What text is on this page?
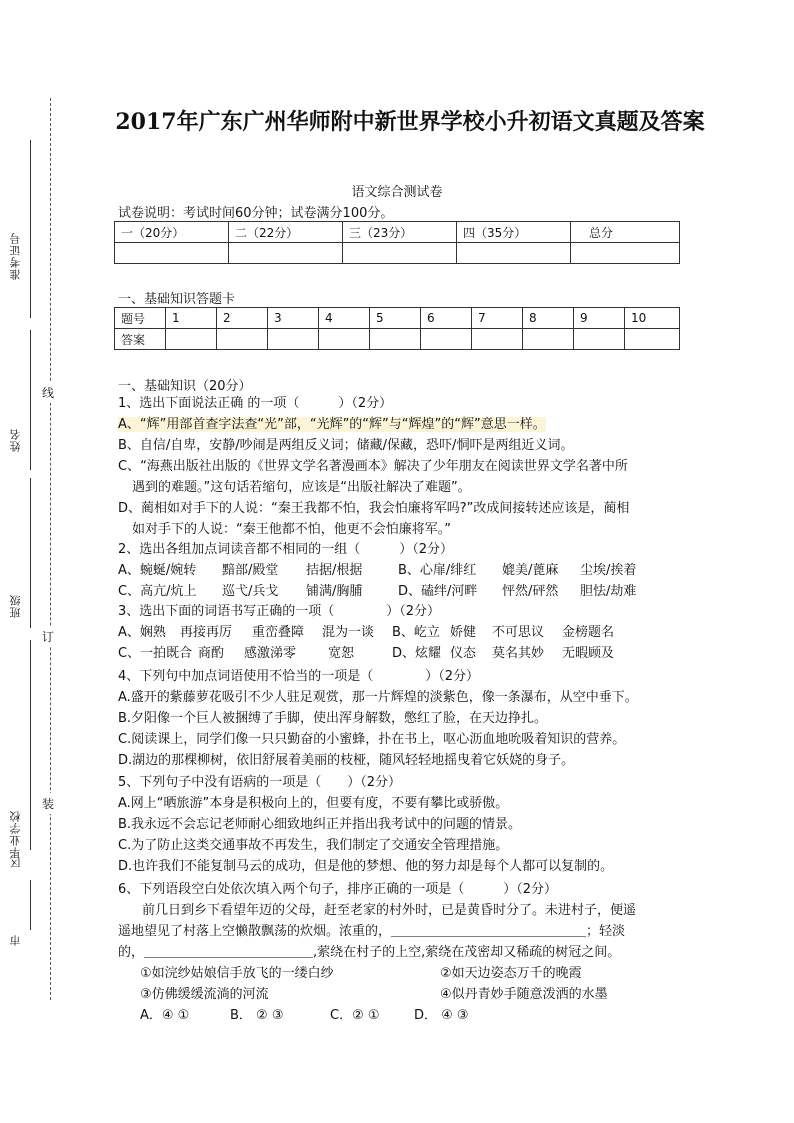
准考证号
姓名
班级
毕业学校
区
市
线
订
装
2017年广东广州华师附中新世界学校小升初语文真题及答案
语文综合测试卷
试卷说明：考试时间60分钟；试卷满分100分。
一（20分）	二（22分）	三（23分）	四（35分）	总分

一、基础知识答题卡
题号	1	2	3	4	5	6	7	8	9	10
答案										
一、基础知识（20分）
1、选出下面说法正确 的一项（　　　）（2分）
A、“辉”用部首查字法查“光”部，“光辉”的“辉”与“辉煌”的“辉”意思一样。
B、自信/自卑，安静/吵闹是两组反义词；储藏/保藏，恐吓/恫吓是两组近义词。
C、“海燕出版社出版的《世界文学名著漫画本》解决了少年朋友在阅读世界文学名著中所
遇到的难题。”这句话若缩句，应该是“出版社解决了难题”。
D、蔺相如对手下的人说：“秦王我都不怕，我会怕廉将军吗?”改成间接转述应该是，蔺相
如对手下的人说：“秦王他都不怕，他更不会怕廉将军。”
2、选出各组加点词读音都不相同的一组（　　　）（2分）
A、蜿蜒/婉转 黯部/殿堂 拮据/根据	B、心扉/绯红 媲美/蓖麻 尘埃/挨着
C、高亢/炕上 巡弋/兵戈 铺满/胸脯	D、磕绊/河畔 怦然/砰然 胆怯/劫难
3、选出下面的词语书写正确的一项（　　　　）（2分）
A、娴熟 再接再厉 重峦叠障 混为一谈 B、屹立 娇健 不可思议 金榜题名
C、一拍既合 商酌 感激涕零 宽恕	D、炫耀 仪态 莫名其妙 无暇顾及
4、下列句中加点词语使用不恰当的一项是（　　　　）（2分）
A.盛开的紫藤萝花吸引不少人驻足观赏，那一片辉煌的淡紫色，像一条瀑布，从空中垂下。
B.夕阳像一个巨人被捆缚了手脚，使出浑身解数，憋红了脸，在天边挣扎。
C.阅读课上，同学们像一只只勤奋的小蜜蜂，扑在书上，呕心沥血地吮吸着知识的营养。
D.湖边的那棵柳树，依旧舒展着美丽的枝桠，随风轻轻地摇曳着它妖娆的身子。
5、下列句子中没有语病的一项是（　　）（2分）
A.网上“晒旅游”本身是积极向上的，但要有度，不要有攀比或骄傲。
B.我永远不会忘记老师耐心细致地纠正并指出我考试中的问题的情景。
C.为了防止这类交通事故不再发生，我们制定了交通安全管理措施。
D.也许我们不能复制马云的成功，但是他的梦想、他的努力却是每个人都可以复制的。
6、下列语段空白处依次填入两个句子，排序正确的一项是（　　　）（2分）
前几日到乡下看望年迈的父母，赶至老家的村外时，已是黄昏时分了。未进村子，便遥
遥地望见了村落上空懒散飘荡的炊烟。浓重的，＿＿＿＿＿＿＿＿＿＿＿＿＿＿＿；轻淡
的，＿＿＿＿＿＿＿＿＿＿＿＿＿,萦绕在村子的上空,萦绕在茂密却又稀疏的树冠之间。
①如浣纱姑娘信手放飞的一缕白纱	②如天边姿态万千的晚霞
③仿佛缓缓流淌的河流	④似丹青妙手随意泼洒的水墨
A．④ ①	B． ② ③	C．② ①	D． ④ ③
